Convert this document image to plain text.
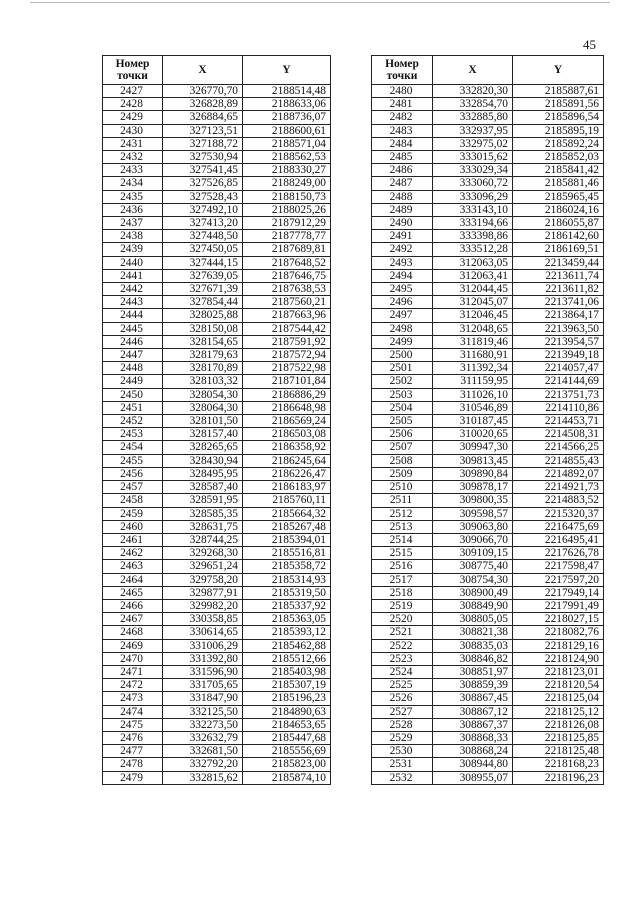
45
Номер
точки	X	Y
2427	326770,70	2188514,48
2428	326828,89	2188633,06
2429	326884,65	2188736,07
2430	327123,51	2188600,61
2431	327188,72	2188571,04
2432	327530,94	2188562,53
2433	327541,45	2188330,27
2434	327526,85	2188249,00
2435	327528,43	2188150,73
2436	327492,10	2188025,26
2437	327413,20	2187912,29
2438	327448,50	2187778,77
2439	327450,05	2187689,81
2440	327444,15	2187648,52
2441	327639,05	2187646,75
2442	327671,39	2187638,53
2443	327854,44	2187560,21
2444	328025,88	2187663,96
2445	328150,08	2187544,42
2446	328154,65	2187591,92
2447	328179,63	2187572,94
2448	328170,89	2187522,98
2449	328103,32	2187101,84
2450	328054,30	2186886,29
2451	328064,30	2186648,98
2452	328101,50	2186569,24
2453	328157,40	2186503,08
2454	328265,65	2186358,92
2455	328430,94	2186245,64
2456	328495,95	2186226,47
2457	328587,40	2186183,97
2458	328591,95	2185760,11
2459	328585,35	2185664,32
2460	328631,75	2185267,48
2461	328744,25	2185394,01
2462	329268,30	2185516,81
2463	329651,24	2185358,72
2464	329758,20	2185314,93
2465	329877,91	2185319,50
2466	329982,20	2185337,92
2467	330358,85	2185363,05
2468	330614,65	2185393,12
2469	331006,29	2185462,88
2470	331392,80	2185512,66
2471	331596,90	2185403,98
2472	331705,65	2185307,19
2473	331847,90	2185196,23
2474	332125,50	2184890,63
2475	332273,50	2184653,65
2476	332632,79	2185447,68
2477	332681,50	2185556,69
2478	332792,20	2185823,00
2479	332815,62	2185874,10
Номер
точки	X	Y
2480	332820,30	2185887,61
2481	332854,70	2185891,56
2482	332885,80	2185896,54
2483	332937,95	2185895,19
2484	332975,02	2185892,24
2485	333015,62	2185852,03
2486	333029,34	2185841,42
2487	333060,72	2185881,46
2488	333096,29	2185965,45
2489	333143,10	2186024,16
2490	333194,66	2186055,87
2491	333398,86	2186142,60
2492	333512,28	2186169,51
2493	312063,05	2213459,44
2494	312063,41	2213611,74
2495	312044,45	2213611,82
2496	312045,07	2213741,06
2497	312046,45	2213864,17
2498	312048,65	2213963,50
2499	311819,46	2213954,57
2500	311680,91	2213949,18
2501	311392,34	2214057,47
2502	311159,95	2214144,69
2503	311026,10	2213751,73
2504	310546,89	2214110,86
2505	310187,45	2214453,71
2506	310020,65	2214508,31
2507	309947,30	2214566,25
2508	309813,45	2214855,43
2509	309890,84	2214892,07
2510	309878,17	2214921,73
2511	309800,35	2214883,52
2512	309598,57	2215320,37
2513	309063,80	2216475,69
2514	309066,70	2216495,41
2515	309109,15	2217626,78
2516	308775,40	2217598,47
2517	308754,30	2217597,20
2518	308900,49	2217949,14
2519	308849,90	2217991,49
2520	308805,05	2218027,15
2521	308821,38	2218082,76
2522	308835,03	2218129,16
2523	308846,82	2218124,90
2524	308851,97	2218123,01
2525	308859,39	2218120,54
2526	308867,45	2218125,04
2527	308867,12	2218125,12
2528	308867,37	2218126,08
2529	308868,33	2218125,85
2530	308868,24	2218125,48
2531	308944,80	2218168,23
2532	308955,07	2218196,23
